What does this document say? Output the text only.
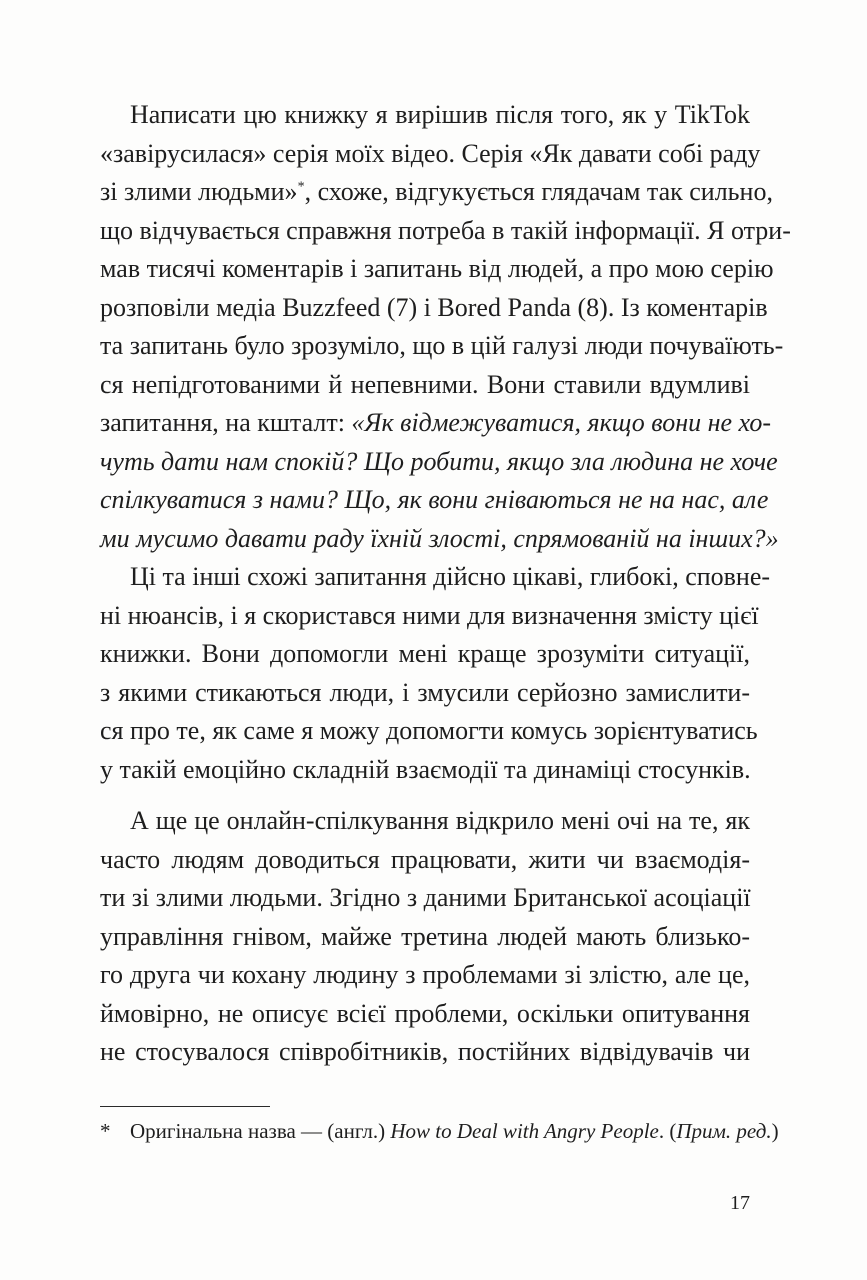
Написати цю книжку я вирішив після того, як у TikTok
«завірусилася» серія моїх відео. Серія «Як давати собі раду
зі злими людьми»*, схоже, відгукується глядачам так сильно,
що відчувається справжня потреба в такій інформації. Я отри-
мав тисячі коментарів і запитань від людей, а про мою серію
розповіли медіа Buzzfeed (7) і Bored Panda (8). Із коментарів
та запитань було зрозуміло, що в цій галузі люди почуваїють-
ся непідготованими й непевними. Вони ставили вдумливі
запитання, на кшталт: «Як відмежуватися, якщо вони не хо-
чуть дати нам спокій? Що робити, якщо зла людина не хоче
спілкуватися з нами? Що, як вони гніваються не на нас, але
ми мусимо давати раду їхній злості, спрямованій на інших?»
Ці та інші схожі запитання дійсно цікаві, глибокі, сповне-
ні нюансів, і я скористався ними для визначення змісту цієї
книжки. Вони допомогли мені краще зрозуміти ситуації,
з якими стикаються люди, і змусили серйозно замислити-
ся про те, як саме я можу допомогти комусь зорієнтуватись
у такій емоційно складній взаємодії та динаміці стосунків.
А ще це онлайн-спілкування відкрило мені очі на те, як
часто людям доводиться працювати, жити чи взаємодія-
ти зі злими людьми. Згідно з даними Британської асоціації
управління гнівом, майже третина людей мають близько-
го друга чи кохану людину з проблемами зі злістю, але це,
ймовірно, не описує всієї проблеми, оскільки опитування
не стосувалося співробітників, постійних відвідувачів чи
* Оригінальна назва — (англ.) How to Deal with Angry People. (Прим. ред.)
17
